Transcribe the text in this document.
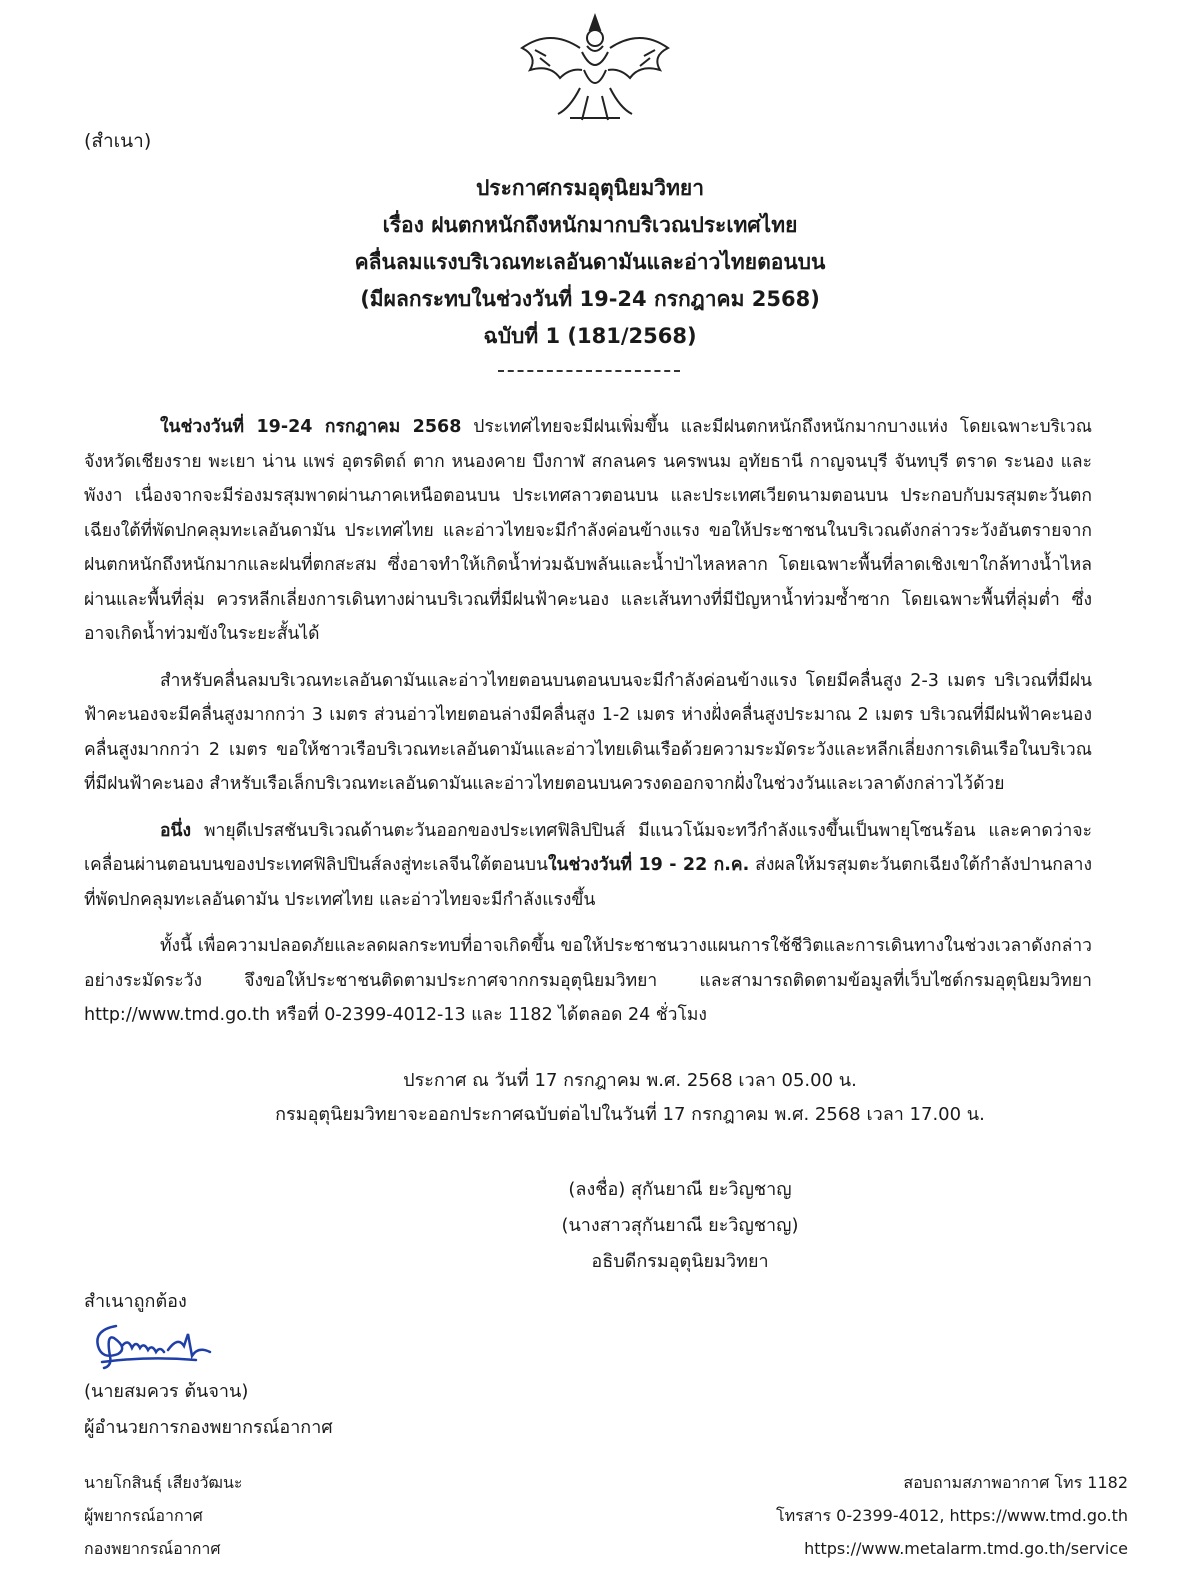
(สำเนา)
ประกาศกรมอุตุนิยมวิทยา
เรื่อง ฝนตกหนักถึงหนักมากบริเวณประเทศไทย
คลื่นลมแรงบริเวณทะเลอันดามันและอ่าวไทยตอนบน
(มีผลกระทบในช่วงวันที่ 19-24 กรกฎาคม 2568)
ฉบับที่ 1 (181/2568)

ในช่วงวันที่ 19-24 กรกฎาคม 2568 ประเทศไทยจะมีฝนเพิ่มขึ้น และมีฝนตกหนักถึงหนักมากบางแห่ง โดยเฉพาะบริเวณจังหวัดเชียงราย พะเยา น่าน แพร่ อุตรดิตถ์ ตาก หนองคาย บึงกาฬ สกลนคร นครพนม อุทัยธานี กาญจนบุรี จันทบุรี ตราด ระนอง และพังงา เนื่องจากจะมีร่องมรสุมพาดผ่านภาคเหนือตอนบน ประเทศลาวตอนบน และประเทศเวียดนามตอนบน ประกอบกับมรสุมตะวันตกเฉียงใต้ที่พัดปกคลุมทะเลอันดามัน ประเทศไทย และอ่าวไทยจะมีกำลังค่อนข้างแรง ขอให้ประชาชนในบริเวณดังกล่าวระวังอันตรายจากฝนตกหนักถึงหนักมากและฝนที่ตกสะสม ซึ่งอาจทำให้เกิดน้ำท่วมฉับพลันและน้ำป่าไหลหลาก โดยเฉพาะพื้นที่ลาดเชิงเขาใกล้ทางน้ำไหลผ่านและพื้นที่ลุ่ม ควรหลีกเลี่ยงการเดินทางผ่านบริเวณที่มีฝนฟ้าคะนอง และเส้นทางที่มีปัญหาน้ำท่วมซ้ำซาก โดยเฉพาะพื้นที่ลุ่มต่ำ ซึ่งอาจเกิดน้ำท่วมขังในระยะสั้นได้

สำหรับคลื่นลมบริเวณทะเลอันดามันและอ่าวไทยตอนบนตอนบนจะมีกำลังค่อนข้างแรง โดยมีคลื่นสูง 2-3 เมตร บริเวณที่มีฝนฟ้าคะนองจะมีคลื่นสูงมากกว่า 3 เมตร ส่วนอ่าวไทยตอนล่างมีคลื่นสูง 1-2 เมตร ห่างฝั่งคลื่นสูงประมาณ 2 เมตร บริเวณที่มีฝนฟ้าคะนองคลื่นสูงมากกว่า 2 เมตร ขอให้ชาวเรือบริเวณทะเลอันดามันและอ่าวไทยเดินเรือด้วยความระมัดระวังและหลีกเลี่ยงการเดินเรือในบริเวณที่มีฝนฟ้าคะนอง สำหรับเรือเล็กบริเวณทะเลอันดามันและอ่าวไทยตอนบนควรงดออกจากฝั่งในช่วงวันและเวลาดังกล่าวไว้ด้วย

อนึ่ง พายุดีเปรสชันบริเวณด้านตะวันออกของประเทศฟิลิปปินส์ มีแนวโน้มจะทวีกำลังแรงขึ้นเป็นพายุโซนร้อน และคาดว่าจะเคลื่อนผ่านตอนบนของประเทศฟิลิปปินส์ลงสู่ทะเลจีนใต้ตอนบนในช่วงวันที่ 19 - 22 ก.ค. ส่งผลให้มรสุมตะวันตกเฉียงใต้กำลังปานกลางที่พัดปกคลุมทะเลอันดามัน ประเทศไทย และอ่าวไทยจะมีกำลังแรงขึ้น

ทั้งนี้ เพื่อความปลอดภัยและลดผลกระทบที่อาจเกิดขึ้น ขอให้ประชาชนวางแผนการใช้ชีวิตและการเดินทางในช่วงเวลาดังกล่าวอย่างระมัดระวัง จึงขอให้ประชาชนติดตามประกาศจากกรมอุตุนิยมวิทยา และสามารถติดตามข้อมูลที่เว็บไซต์กรมอุตุนิยมวิทยา http://www.tmd.go.th หรือที่ 0-2399-4012-13 และ 1182 ได้ตลอด 24 ชั่วโมง

ประกาศ ณ วันที่ 17 กรกฎาคม พ.ศ. 2568 เวลา 05.00 น.
กรมอุตุนิยมวิทยาจะออกประกาศฉบับต่อไปในวันที่ 17 กรกฎาคม พ.ศ. 2568 เวลา 17.00 น.
(ลงชื่อ) สุกันยาณี ยะวิญชาญ
(นางสาวสุกันยาณี ยะวิญชาญ)
อธิบดีกรมอุตุนิยมวิทยา
สำเนาถูกต้อง
(นายสมควร ต้นจาน)
ผู้อำนวยการกองพยากรณ์อากาศ
นายโกสินธุ์ เสียงวัฒนะ
ผู้พยากรณ์อากาศ
กองพยากรณ์อากาศ
สอบถามสภาพอากาศ โทร 1182
โทรสาร 0-2399-4012, https://www.tmd.go.th
https://www.metalarm.tmd.go.th/service
